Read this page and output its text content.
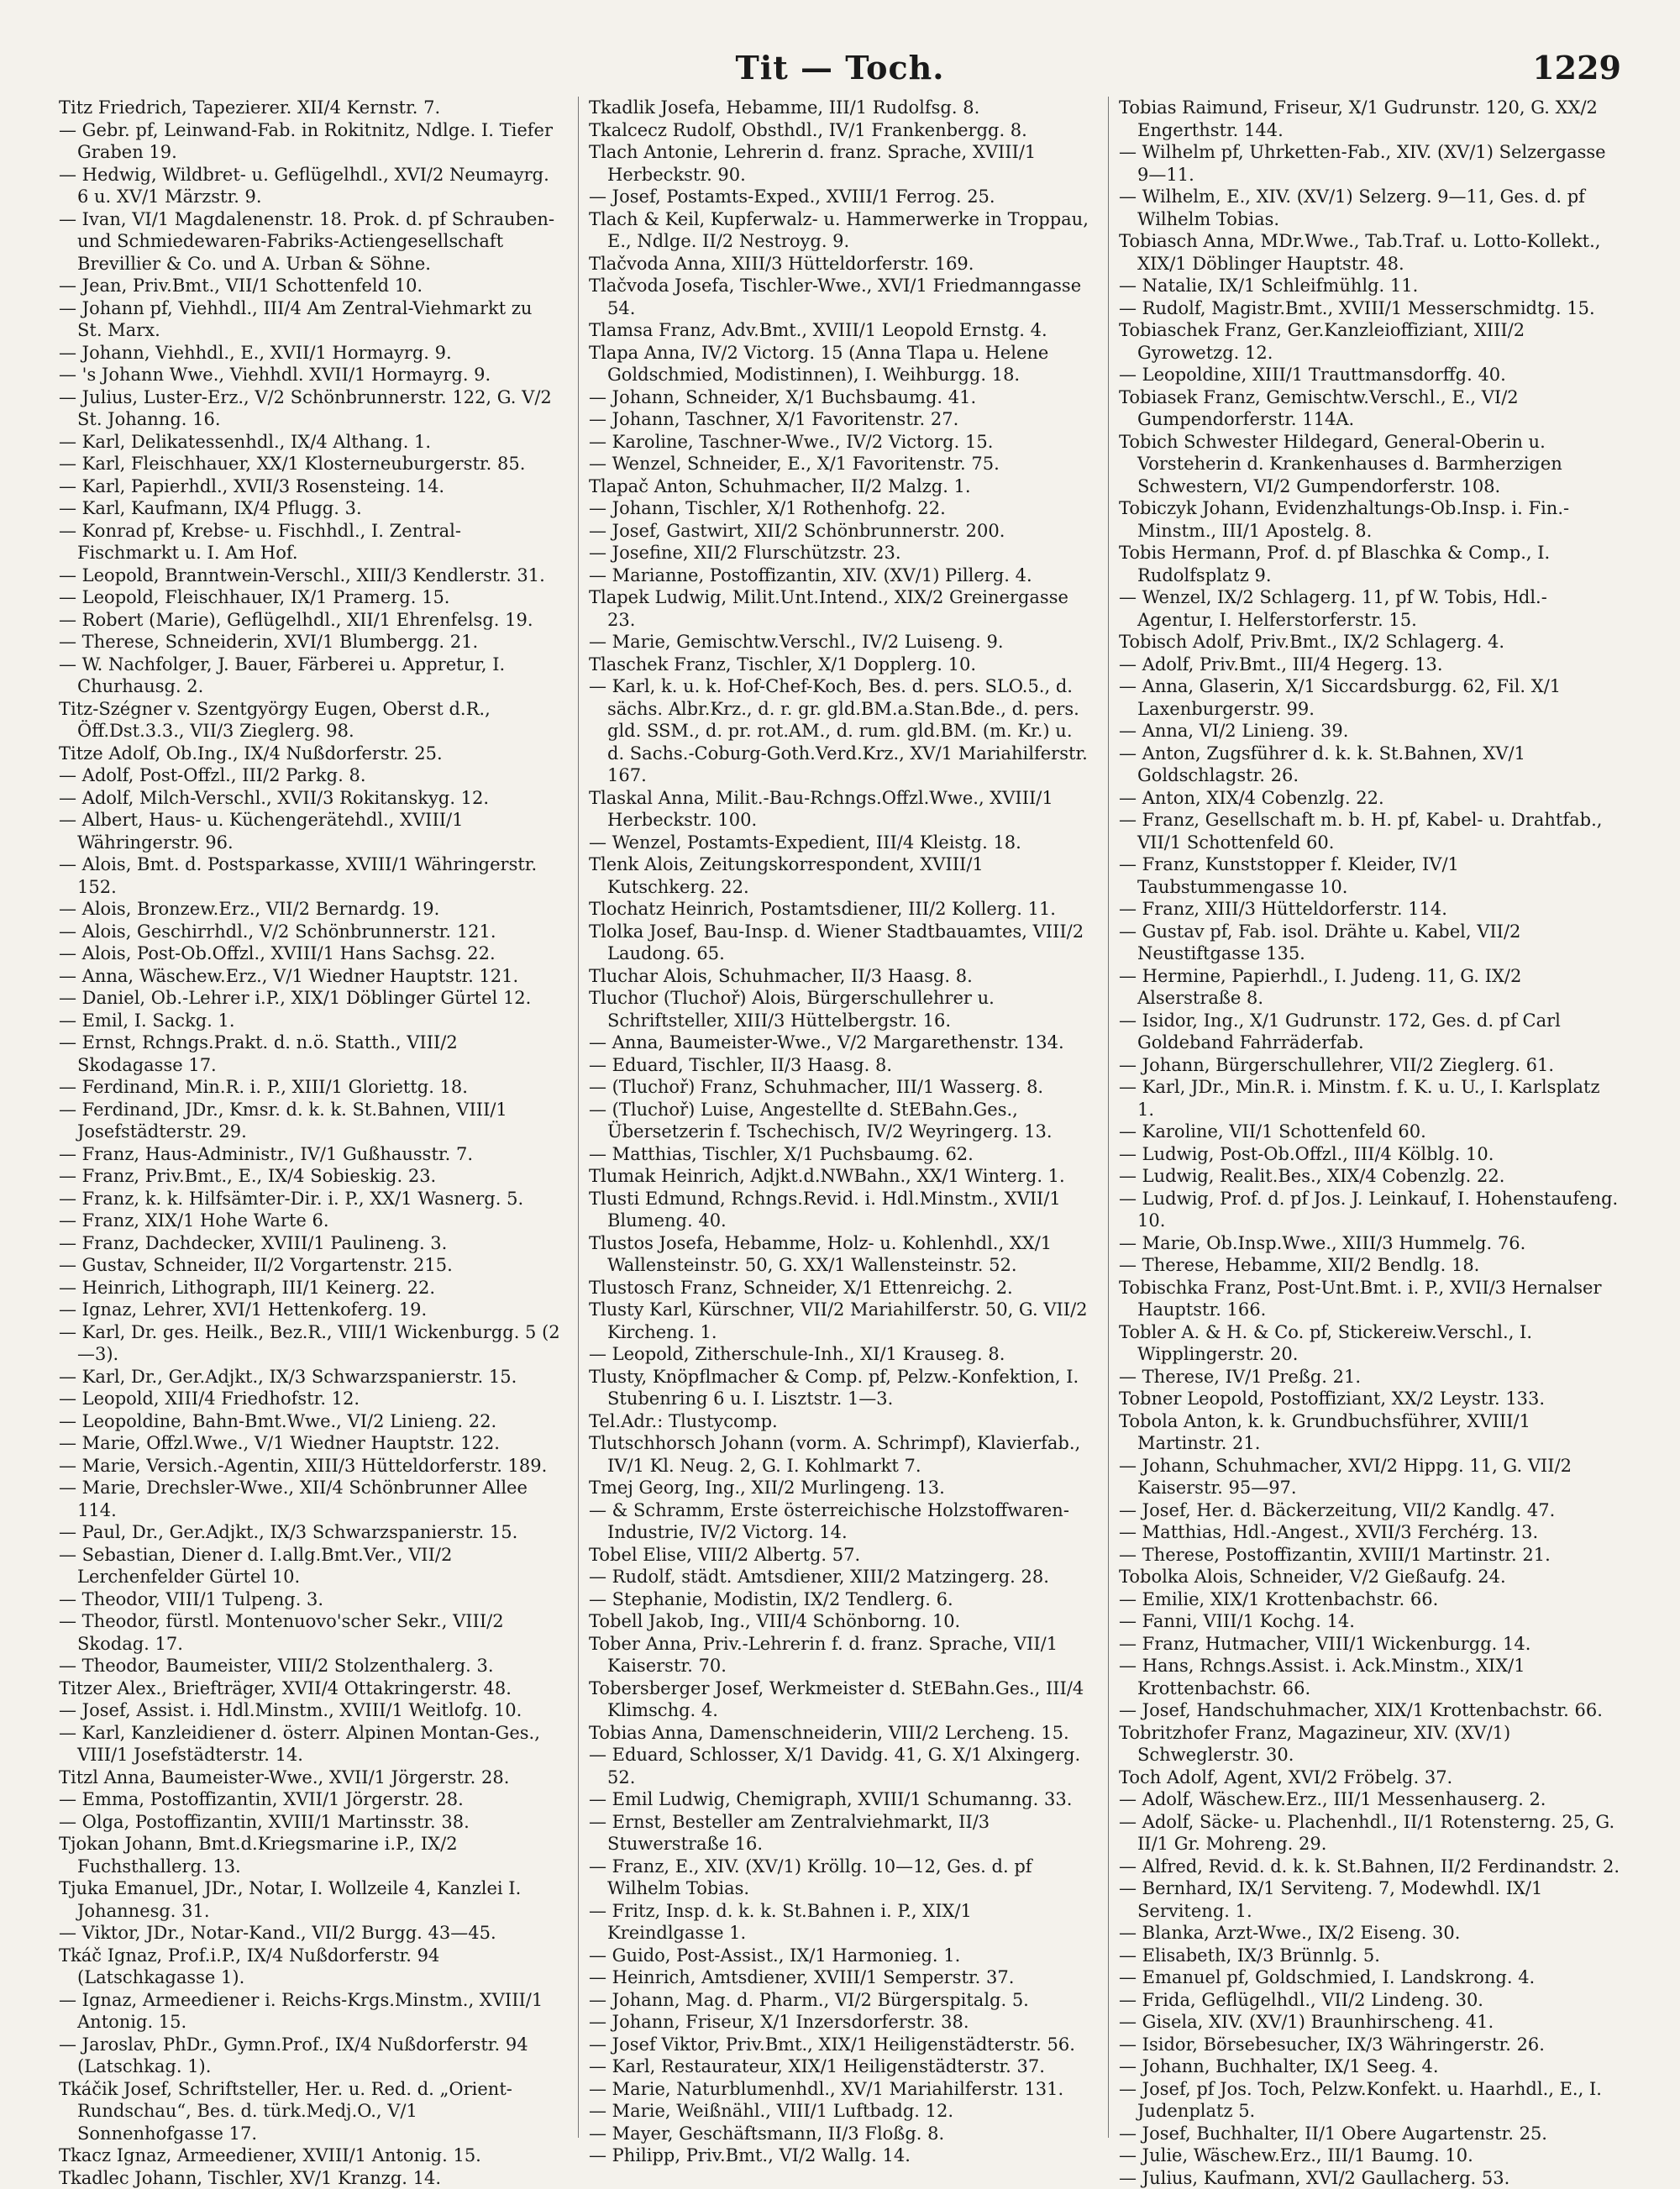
Tit — Toch.	1229

Titz Friedrich, Tapezierer. XII/4 Kernstr. 7.

— Gebr. pf, Leinwand-Fab. in Rokitnitz, Ndlge. I. Tiefer Graben 19.

— Hedwig, Wildbret- u. Geflügelhdl., XVI/2 Neumayrg. 6 u. XV/1 Märzstr. 9.

— Ivan, VI/1 Magdalenenstr. 18. Prok. d. pf Schrauben- und Schmiedewaren-Fabriks-Actiengesellschaft Brevillier & Co. und A. Urban & Söhne.

— Jean, Priv.Bmt., VII/1 Schottenfeld 10.

— Johann pf, Viehhdl., III/4 Am Zentral-Viehmarkt zu St. Marx.

— Johann, Viehhdl., E., XVII/1 Hormayrg. 9.

— 's Johann Wwe., Viehhdl. XVII/1 Hormayrg. 9.

— Julius, Luster-Erz., V/2 Schönbrunnerstr. 122, G. V/2 St. Johanng. 16.

— Karl, Delikatessenhdl., IX/4 Althang. 1.

— Karl, Fleischhauer, XX/1 Klosterneuburgerstr. 85.

— Karl, Papierhdl., XVII/3 Rosensteing. 14.

— Karl, Kaufmann, IX/4 Pflugg. 3.

— Konrad pf, Krebse- u. Fischhdl., I. Zentral-Fischmarkt u. I. Am Hof.

— Leopold, Branntwein-Verschl., XIII/3 Kendlerstr. 31.

— Leopold, Fleischhauer, IX/1 Pramerg. 15.

— Robert (Marie), Geflügelhdl., XII/1 Ehrenfelsg. 19.

— Therese, Schneiderin, XVI/1 Blumbergg. 21.

— W. Nachfolger, J. Bauer, Färberei u. Appretur, I. Churhausg. 2.

Titz-Szégner v. Szentgyörgy Eugen, Oberst d.R., Öff.Dst.3.3., VII/3 Zieglerg. 98.

Titze Adolf, Ob.Ing., IX/4 Nußdorferstr. 25.

— Adolf, Post-Offzl., III/2 Parkg. 8.

— Adolf, Milch-Verschl., XVII/3 Rokitanskyg. 12.

— Albert, Haus- u. Küchengerätehdl., XVIII/1 Währingerstr. 96.

— Alois, Bmt. d. Postsparkasse, XVIII/1 Währingerstr. 152.

— Alois, Bronzew.Erz., VII/2 Bernardg. 19.

— Alois, Geschirrhdl., V/2 Schönbrunnerstr. 121.

— Alois, Post-Ob.Offzl., XVIII/1 Hans Sachsg. 22.

— Anna, Wäschew.Erz., V/1 Wiedner Hauptstr. 121.

— Daniel, Ob.-Lehrer i.P., XIX/1 Döblinger Gürtel 12.

— Emil, I. Sackg. 1.

— Ernst, Rchngs.Prakt. d. n.ö. Statth., VIII/2 Skodagasse 17.

— Ferdinand, Min.R. i. P., XIII/1 Gloriettg. 18.

— Ferdinand, JDr., Kmsr. d. k. k. St.Bahnen, VIII/1 Josefstädterstr. 29.

— Franz, Haus-Administr., IV/1 Gußhausstr. 7.

— Franz, Priv.Bmt., E., IX/4 Sobieskig. 23.

— Franz, k. k. Hilfsämter-Dir. i. P., XX/1 Wasnerg. 5.

— Franz, XIX/1 Hohe Warte 6.

— Franz, Dachdecker, XVIII/1 Paulineng. 3.

— Gustav, Schneider, II/2 Vorgartenstr. 215.

— Heinrich, Lithograph, III/1 Keinerg. 22.

— Ignaz, Lehrer, XVI/1 Hettenkoferg. 19.

— Karl, Dr. ges. Heilk., Bez.R., VIII/1 Wickenburgg. 5 (2—3).

— Karl, Dr., Ger.Adjkt., IX/3 Schwarzspanierstr. 15.

— Leopold, XIII/4 Friedhofstr. 12.

— Leopoldine, Bahn-Bmt.Wwe., VI/2 Linieng. 22.

— Marie, Offzl.Wwe., V/1 Wiedner Hauptstr. 122.

— Marie, Versich.-Agentin, XIII/3 Hütteldorferstr. 189.

— Marie, Drechsler-Wwe., XII/4 Schönbrunner Allee 114.

— Paul, Dr., Ger.Adjkt., IX/3 Schwarzspanierstr. 15.

— Sebastian, Diener d. I.allg.Bmt.Ver., VII/2 Lerchenfelder Gürtel 10.

— Theodor, VIII/1 Tulpeng. 3.

— Theodor, fürstl. Montenuovo'scher Sekr., VIII/2 Skodag. 17.

— Theodor, Baumeister, VIII/2 Stolzenthalerg. 3.

Titzer Alex., Briefträger, XVII/4 Ottakringerstr. 48.

— Josef, Assist. i. Hdl.Minstm., XVIII/1 Weitlofg. 10.

— Karl, Kanzleidiener d. österr. Alpinen Montan-Ges., VIII/1 Josefstädterstr. 14.

Titzl Anna, Baumeister-Wwe., XVII/1 Jörgerstr. 28.

— Emma, Postoffizantin, XVII/1 Jörgerstr. 28.

— Olga, Postoffizantin, XVIII/1 Martinsstr. 38.

Tjokan Johann, Bmt.d.Kriegsmarine i.P., IX/2 Fuchsthallerg. 13.

Tjuka Emanuel, JDr., Notar, I. Wollzeile 4, Kanzlei I. Johannesg. 31.

— Viktor, JDr., Notar-Kand., VII/2 Burgg. 43—45.

Tkáč Ignaz, Prof.i.P., IX/4 Nußdorferstr. 94 (Latschkagasse 1).

— Ignaz, Armeediener i. Reichs-Krgs.Minstm., XVIII/1 Antonig. 15.

— Jaroslav, PhDr., Gymn.Prof., IX/4 Nußdorferstr. 94 (Latschkag. 1).

Tkáčik Josef, Schriftsteller, Her. u. Red. d. „Orient-Rundschau“, Bes. d. türk.Medj.O., V/1 Sonnenhofgasse 17.

Tkacz Ignaz, Armeediener, XVIII/1 Antonig. 15.

Tkadlec Johann, Tischler, XV/1 Kranzg. 14.

Tkadlik Josefa, Hebamme, III/1 Rudolfsg. 8.

Tkalcecz Rudolf, Obsthdl., IV/1 Frankenbergg. 8.

Tlach Antonie, Lehrerin d. franz. Sprache, XVIII/1 Herbeckstr. 90.

— Josef, Postamts-Exped., XVIII/1 Ferrog. 25.

Tlach & Keil, Kupferwalz- u. Hammerwerke in Troppau, E., Ndlge. II/2 Nestroyg. 9.

Tlačvoda Anna, XIII/3 Hütteldorferstr. 169.

Tlačvoda Josefa, Tischler-Wwe., XVI/1 Friedmanngasse 54.

Tlamsa Franz, Adv.Bmt., XVIII/1 Leopold Ernstg. 4.

Tlapa Anna, IV/2 Victorg. 15 (Anna Tlapa u. Helene Goldschmied, Modistinnen), I. Weihburgg. 18.

— Johann, Schneider, X/1 Buchsbaumg. 41.

— Johann, Taschner, X/1 Favoritenstr. 27.

— Karoline, Taschner-Wwe., IV/2 Victorg. 15.

— Wenzel, Schneider, E., X/1 Favoritenstr. 75.

Tlapač Anton, Schuhmacher, II/2 Malzg. 1.

— Johann, Tischler, X/1 Rothenhofg. 22.

— Josef, Gastwirt, XII/2 Schönbrunnerstr. 200.

— Josefine, XII/2 Flurschützstr. 23.

— Marianne, Postoffizantin, XIV. (XV/1) Pillerg. 4.

Tlapek Ludwig, Milit.Unt.Intend., XIX/2 Greinergasse 23.

— Marie, Gemischtw.Verschl., IV/2 Luiseng. 9.

Tlaschek Franz, Tischler, X/1 Dopplerg. 10.

— Karl, k. u. k. Hof-Chef-Koch, Bes. d. pers. SLO.5., d. sächs. Albr.Krz., d. r. gr. gld.BM.a.Stan.Bde., d. pers. gld. SSM., d. pr. rot.AM., d. rum. gld.BM. (m. Kr.) u. d. Sachs.-Coburg-Goth.Verd.Krz., XV/1 Mariahilferstr. 167.

Tlaskal Anna, Milit.-Bau-Rchngs.Offzl.Wwe., XVIII/1 Herbeckstr. 100.

— Wenzel, Postamts-Expedient, III/4 Kleistg. 18.

Tlenk Alois, Zeitungskorrespondent, XVIII/1 Kutschkerg. 22.

Tlochatz Heinrich, Postamtsdiener, III/2 Kollerg. 11.

Tlolka Josef, Bau-Insp. d. Wiener Stadtbauamtes, VIII/2 Laudong. 65.

Tluchar Alois, Schuhmacher, II/3 Haasg. 8.

Tluchor (Tluchoř) Alois, Bürgerschullehrer u. Schriftsteller, XIII/3 Hüttelbergstr. 16.

— Anna, Baumeister-Wwe., V/2 Margarethenstr. 134.

— Eduard, Tischler, II/3 Haasg. 8.

— (Tluchoř) Franz, Schuhmacher, III/1 Wasserg. 8.

— (Tluchoř) Luise, Angestellte d. StEBahn.Ges., Übersetzerin f. Tschechisch, IV/2 Weyringerg. 13.

— Matthias, Tischler, X/1 Puchsbaumg. 62.

Tlumak Heinrich, Adjkt.d.NWBahn., XX/1 Winterg. 1.

Tlusti Edmund, Rchngs.Revid. i. Hdl.Minstm., XVII/1 Blumeng. 40.

Tlustos Josefa, Hebamme, Holz- u. Kohlenhdl., XX/1 Wallensteinstr. 50, G. XX/1 Wallensteinstr. 52.

Tlustosch Franz, Schneider, X/1 Ettenreichg. 2.

Tlusty Karl, Kürschner, VII/2 Mariahilferstr. 50, G. VII/2 Kircheng. 1.

— Leopold, Zitherschule-Inh., XI/1 Krauseg. 8.

Tlusty, Knöpflmacher & Comp. pf, Pelzw.-Konfektion, I. Stubenring 6 u. I. Lisztstr. 1—3.

Tel.Adr.: Tlustycomp.

Tlutschhorsch Johann (vorm. A. Schrimpf), Klavierfab., IV/1 Kl. Neug. 2, G. I. Kohlmarkt 7.

Tmej Georg, Ing., XII/2 Murlingeng. 13.

— & Schramm, Erste österreichische Holzstoffwaren-Industrie, IV/2 Victorg. 14.

Tobel Elise, VIII/2 Albertg. 57.

— Rudolf, städt. Amtsdiener, XIII/2 Matzingerg. 28.

— Stephanie, Modistin, IX/2 Tendlerg. 6.

Tobell Jakob, Ing., VIII/4 Schönborng. 10.

Tober Anna, Priv.-Lehrerin f. d. franz. Sprache, VII/1 Kaiserstr. 70.

Tobersberger Josef, Werkmeister d. StEBahn.Ges., III/4 Klimschg. 4.

Tobias Anna, Damenschneiderin, VIII/2 Lercheng. 15.

— Eduard, Schlosser, X/1 Davidg. 41, G. X/1 Alxingerg. 52.

— Emil Ludwig, Chemigraph, XVIII/1 Schumanng. 33.

— Ernst, Besteller am Zentralviehmarkt, II/3 Stuwerstraße 16.

— Franz, E., XIV. (XV/1) Kröllg. 10—12, Ges. d. pf Wilhelm Tobias.

— Fritz, Insp. d. k. k. St.Bahnen i. P., XIX/1 Kreindlgasse 1.

— Guido, Post-Assist., IX/1 Harmonieg. 1.

— Heinrich, Amtsdiener, XVIII/1 Semperstr. 37.

— Johann, Mag. d. Pharm., VI/2 Bürgerspitalg. 5.

— Johann, Friseur, X/1 Inzersdorferstr. 38.

— Josef Viktor, Priv.Bmt., XIX/1 Heiligenstädterstr. 56.

— Karl, Restaurateur, XIX/1 Heiligenstädterstr. 37.

— Marie, Naturblumenhdl., XV/1 Mariahilferstr. 131.

— Marie, Weißnähl., VIII/1 Luftbadg. 12.

— Mayer, Geschäftsmann, II/3 Floßg. 8.

— Philipp, Priv.Bmt., VI/2 Wallg. 14.

Tobias Raimund, Friseur, X/1 Gudrunstr. 120, G. XX/2 Engerthstr. 144.

— Wilhelm pf, Uhrketten-Fab., XIV. (XV/1) Selzergasse 9—11.

— Wilhelm, E., XIV. (XV/1) Selzerg. 9—11, Ges. d. pf Wilhelm Tobias.

Tobiasch Anna, MDr.Wwe., Tab.Traf. u. Lotto-Kollekt., XIX/1 Döblinger Hauptstr. 48.

— Natalie, IX/1 Schleifmühlg. 11.

— Rudolf, Magistr.Bmt., XVIII/1 Messerschmidtg. 15.

Tobiaschek Franz, Ger.Kanzleioffiziant, XIII/2 Gyrowetzg. 12.

— Leopoldine, XIII/1 Trauttmansdorffg. 40.

Tobiasek Franz, Gemischtw.Verschl., E., VI/2 Gumpendorferstr. 114A.

Tobich Schwester Hildegard, General-Oberin u. Vorsteherin d. Krankenhauses d. Barmherzigen Schwestern, VI/2 Gumpendorferstr. 108.

Tobiczyk Johann, Evidenzhaltungs-Ob.Insp. i. Fin.-Minstm., III/1 Apostelg. 8.

Tobis Hermann, Prof. d. pf Blaschka & Comp., I. Rudolfsplatz 9.

— Wenzel, IX/2 Schlagerg. 11, pf W. Tobis, Hdl.-Agentur, I. Helferstorferstr. 15.

Tobisch Adolf, Priv.Bmt., IX/2 Schlagerg. 4.

— Adolf, Priv.Bmt., III/4 Hegerg. 13.

— Anna, Glaserin, X/1 Siccardsburgg. 62, Fil. X/1 Laxenburgerstr. 99.

— Anna, VI/2 Linieng. 39.

— Anton, Zugsführer d. k. k. St.Bahnen, XV/1 Goldschlagstr. 26.

— Anton, XIX/4 Cobenzlg. 22.

— Franz, Gesellschaft m. b. H. pf, Kabel- u. Drahtfab., VII/1 Schottenfeld 60.

— Franz, Kunststopper f. Kleider, IV/1 Taubstummengasse 10.

— Franz, XIII/3 Hütteldorferstr. 114.

— Gustav pf, Fab. isol. Drähte u. Kabel, VII/2 Neustiftgasse 135.

— Hermine, Papierhdl., I. Judeng. 11, G. IX/2 Alserstraße 8.

— Isidor, Ing., X/1 Gudrunstr. 172, Ges. d. pf Carl Goldeband Fahrräderfab.

— Johann, Bürgerschullehrer, VII/2 Zieglerg. 61.

— Karl, JDr., Min.R. i. Minstm. f. K. u. U., I. Karlsplatz 1.

— Karoline, VII/1 Schottenfeld 60.

— Ludwig, Post-Ob.Offzl., III/4 Kölblg. 10.

— Ludwig, Realit.Bes., XIX/4 Cobenzlg. 22.

— Ludwig, Prof. d. pf Jos. J. Leinkauf, I. Hohenstaufeng. 10.

— Marie, Ob.Insp.Wwe., XIII/3 Hummelg. 76.

— Therese, Hebamme, XII/2 Bendlg. 18.

Tobischka Franz, Post-Unt.Bmt. i. P., XVII/3 Hernalser Hauptstr. 166.

Tobler A. & H. & Co. pf, Stickereiw.Verschl., I. Wipplingerstr. 20.

— Therese, IV/1 Preßg. 21.

Tobner Leopold, Postoffiziant, XX/2 Leystr. 133.

Tobola Anton, k. k. Grundbuchsführer, XVIII/1 Martinstr. 21.

— Johann, Schuhmacher, XVI/2 Hippg. 11, G. VII/2 Kaiserstr. 95—97.

— Josef, Her. d. Bäckerzeitung, VII/2 Kandlg. 47.

— Matthias, Hdl.-Angest., XVII/3 Ferchérg. 13.

— Therese, Postoffizantin, XVIII/1 Martinstr. 21.

Tobolka Alois, Schneider, V/2 Gießaufg. 24.

— Emilie, XIX/1 Krottenbachstr. 66.

— Fanni, VIII/1 Kochg. 14.

— Franz, Hutmacher, VIII/1 Wickenburgg. 14.

— Hans, Rchngs.Assist. i. Ack.Minstm., XIX/1 Krottenbachstr. 66.

— Josef, Handschuhmacher, XIX/1 Krottenbachstr. 66.

Tobritzhofer Franz, Magazineur, XIV. (XV/1) Schweglerstr. 30.

Toch Adolf, Agent, XVI/2 Fröbelg. 37.

— Adolf, Wäschew.Erz., III/1 Messenhauserg. 2.

— Adolf, Säcke- u. Plachenhdl., II/1 Rotensterng. 25, G. II/1 Gr. Mohreng. 29.

— Alfred, Revid. d. k. k. St.Bahnen, II/2 Ferdinandstr. 2.

— Bernhard, IX/1 Serviteng. 7, Modewhdl. IX/1 Serviteng. 1.

— Blanka, Arzt-Wwe., IX/2 Eiseng. 30.

— Elisabeth, IX/3 Brünnlg. 5.

— Emanuel pf, Goldschmied, I. Landskrong. 4.

— Frida, Geflügelhdl., VII/2 Lindeng. 30.

— Gisela, XIV. (XV/1) Braunhirscheng. 41.

— Isidor, Börsebesucher, IX/3 Währingerstr. 26.

— Johann, Buchhalter, IX/1 Seeg. 4.

— Josef, pf Jos. Toch, Pelzw.Konfekt. u. Haarhdl., E., I. Judenplatz 5.

— Josef, Buchhalter, II/1 Obere Augartenstr. 25.

— Julie, Wäschew.Erz., III/1 Baumg. 10.

— Julius, Kaufmann, XVI/2 Gaullacherg. 53.
